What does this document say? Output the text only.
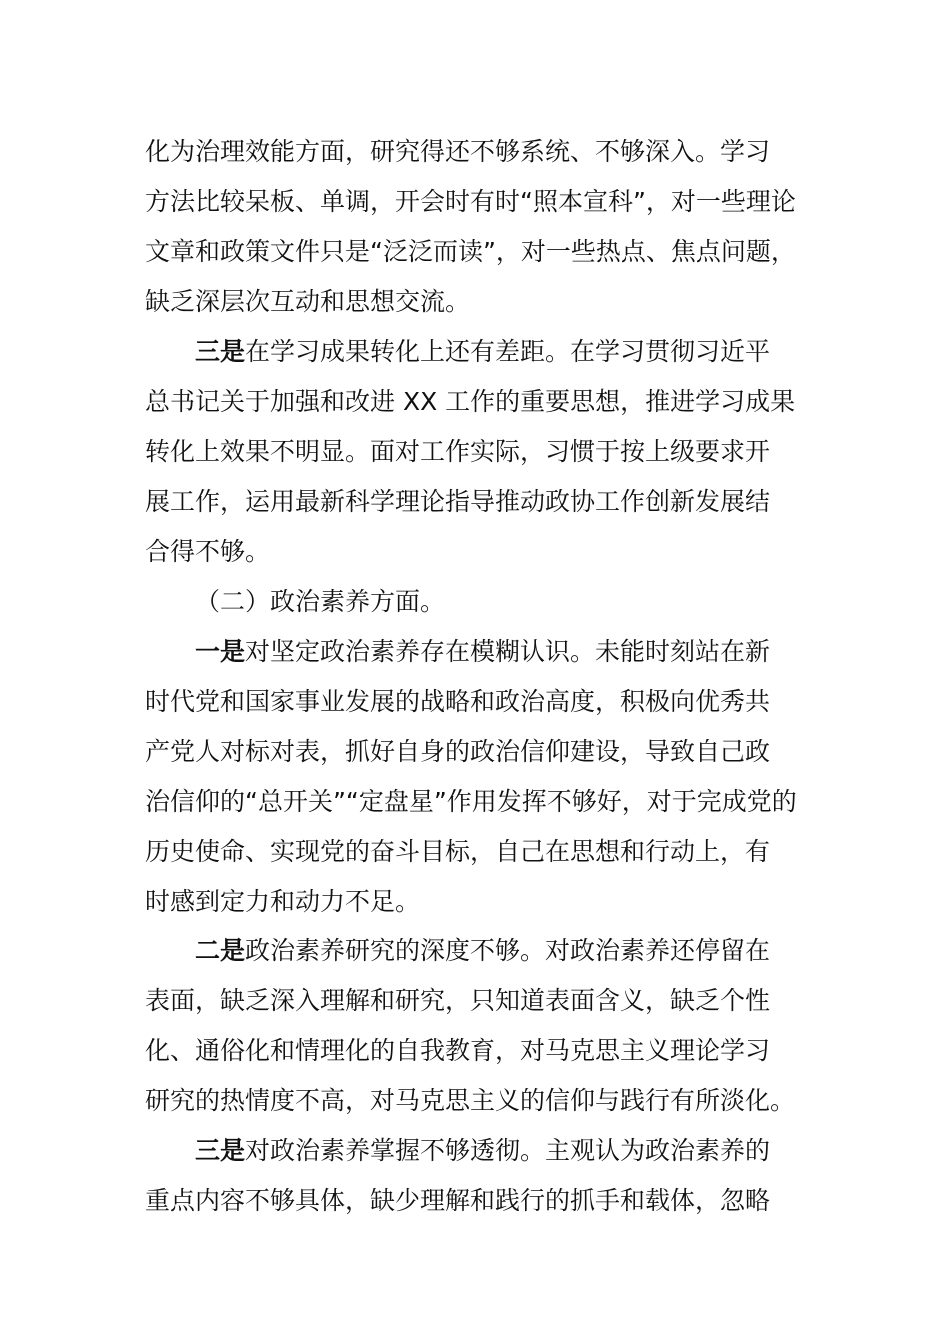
化为治理效能方面，研究得还不够系统、不够深入。学习
方法比较呆板、单调，开会时有时“照本宣科”，对一些理论
文章和政策文件只是“泛泛而读”，对一些热点、焦点问题，
缺乏深层次互动和思想交流。
三是在学习成果转化上还有差距。在学习贯彻习近平
总书记关于加强和改进 XX 工作的重要思想，推进学习成果
转化上效果不明显。面对工作实际，习惯于按上级要求开
展工作，运用最新科学理论指导推动政协工作创新发展结
合得不够。
（二）政治素养方面。
一是对坚定政治素养存在模糊认识。未能时刻站在新
时代党和国家事业发展的战略和政治高度，积极向优秀共
产党人对标对表，抓好自身的政治信仰建设，导致自己政
治信仰的“总开关”“定盘星”作用发挥不够好，对于完成党的
历史使命、实现党的奋斗目标，自己在思想和行动上，有
时感到定力和动力不足。
二是政治素养研究的深度不够。对政治素养还停留在
表面，缺乏深入理解和研究，只知道表面含义，缺乏个性
化、通俗化和情理化的自我教育，对马克思主义理论学习
研究的热情度不高，对马克思主义的信仰与践行有所淡化。
三是对政治素养掌握不够透彻。主观认为政治素养的
重点内容不够具体，缺少理解和践行的抓手和载体，忽略
